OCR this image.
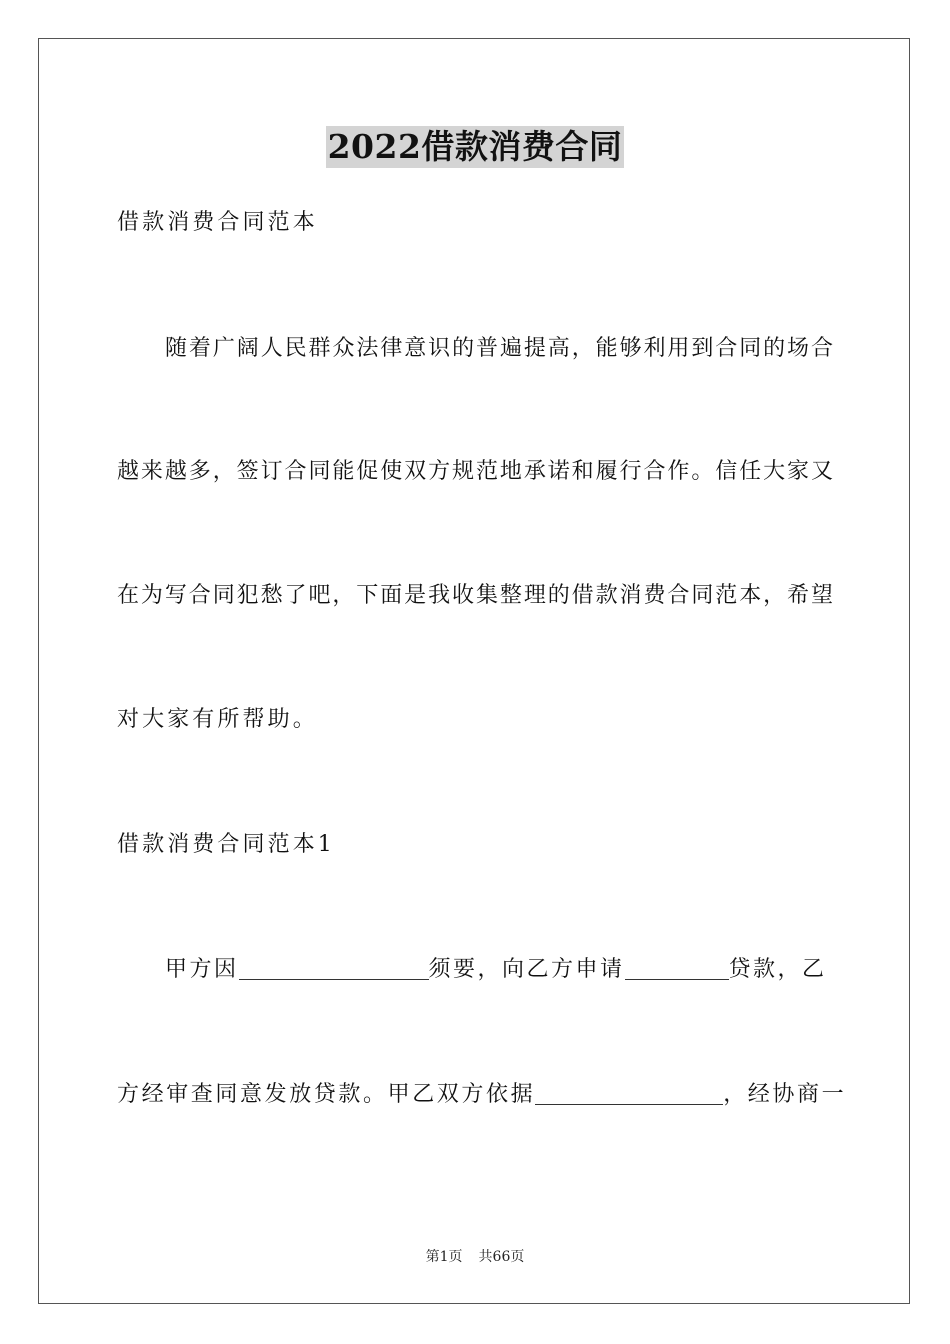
2022借款消费合同
借款消费合同范本
随着广阔人民群众法律意识的普遍提高，能够利用到合同的场合
越来越多，签订合同能促使双方规范地承诺和履行合作。信任大家又
在为写合同犯愁了吧，下面是我收集整理的借款消费合同范本，希望
对大家有所帮助。
借款消费合同范本1
甲方因	须要，向乙方申请	贷款，乙
方经审查同意发放贷款。甲乙双方依据	，经协商一
第1页 共66页
